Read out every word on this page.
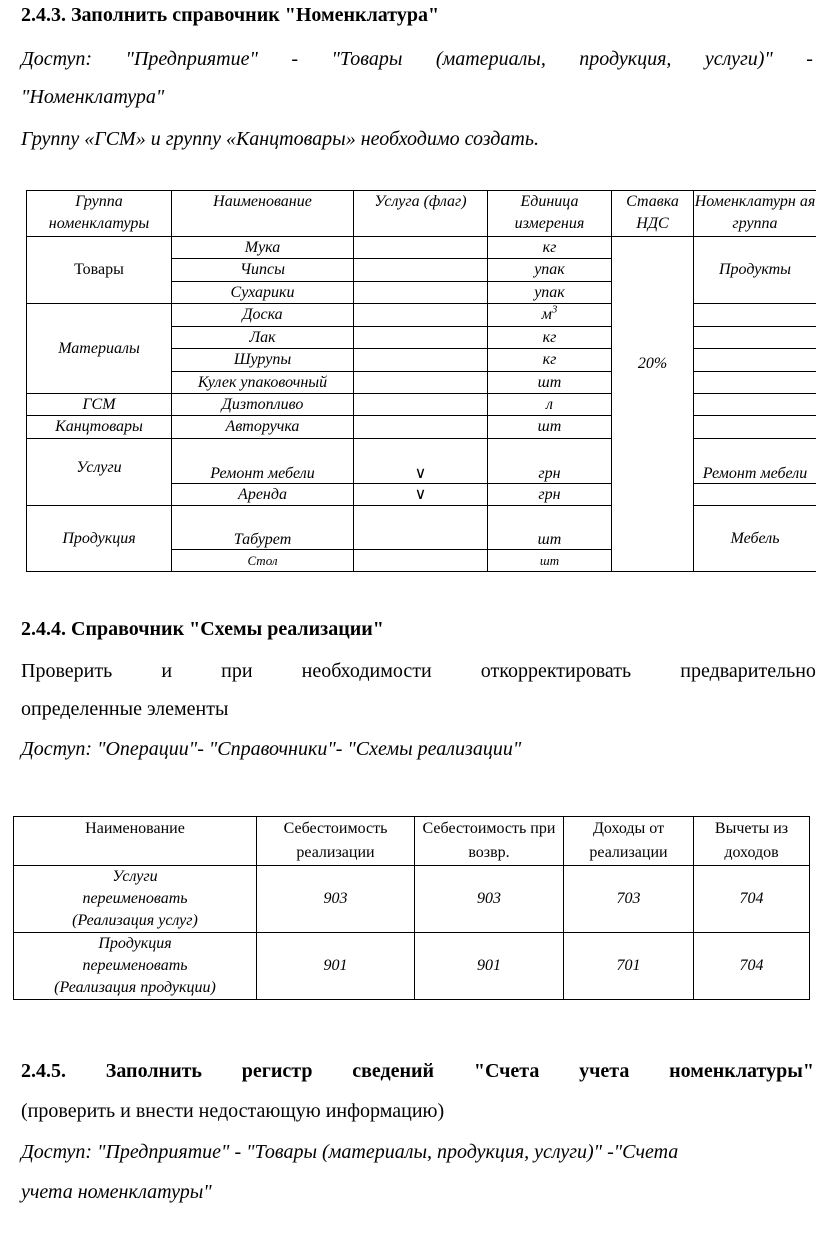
2.4.3. Заполнить справочник "Номенклатура"
Доступ: "Предприятие" - "Товары (материалы, продукция, услуги)" -
"Номенклатура"
Группу «ГСМ» и группу «Канцтовары» необходимо создать.
Группа номенклатуры	Наименование	Услуга (флаг)	Единица измерения	Ставка НДС	Номенклатурн ая группа
Товары	Мука		кг	20%	Продукты
	Чипсы		упак		
	Сухарики		упак		
Материалы	Доска		$м^3$	
	Лак		кг		
	Шурупы		кг		
	Кулек упаковочный		шт		
ГСМ	Дизтопливо		л		
Канцтовары	Авторучка		шт		
Услуги	Ремонт мебели	∨	грн		Ремонт мебели
	Аренда	∨	грн		
Продукция	Табурет		шт		Мебель
	Стол		шт		
2.4.4. Справочник "Схемы реализации"
Проверить и при необходимости откорректировать предварительно
определенные элементы
Доступ: "Операции"- "Справочники"- "Схемы реализации"
Наименование	Себестоимость реализации	Себестоимость при возвр.	Доходы от реализации	Вычеты из доходов

Услуги
переименовать
(Реализация услуг)	903	903	703	704

Продукция
переименовать
(Реализация продукции)	901	901	701	704
2.4.5. Заполнить регистр сведений "Счета учета номенклатуры"
(проверить и внести недостающую информацию)
Доступ: "Предприятие" - "Товары (материалы, продукция, услуги)" -"Счета
учета номенклатуры"
